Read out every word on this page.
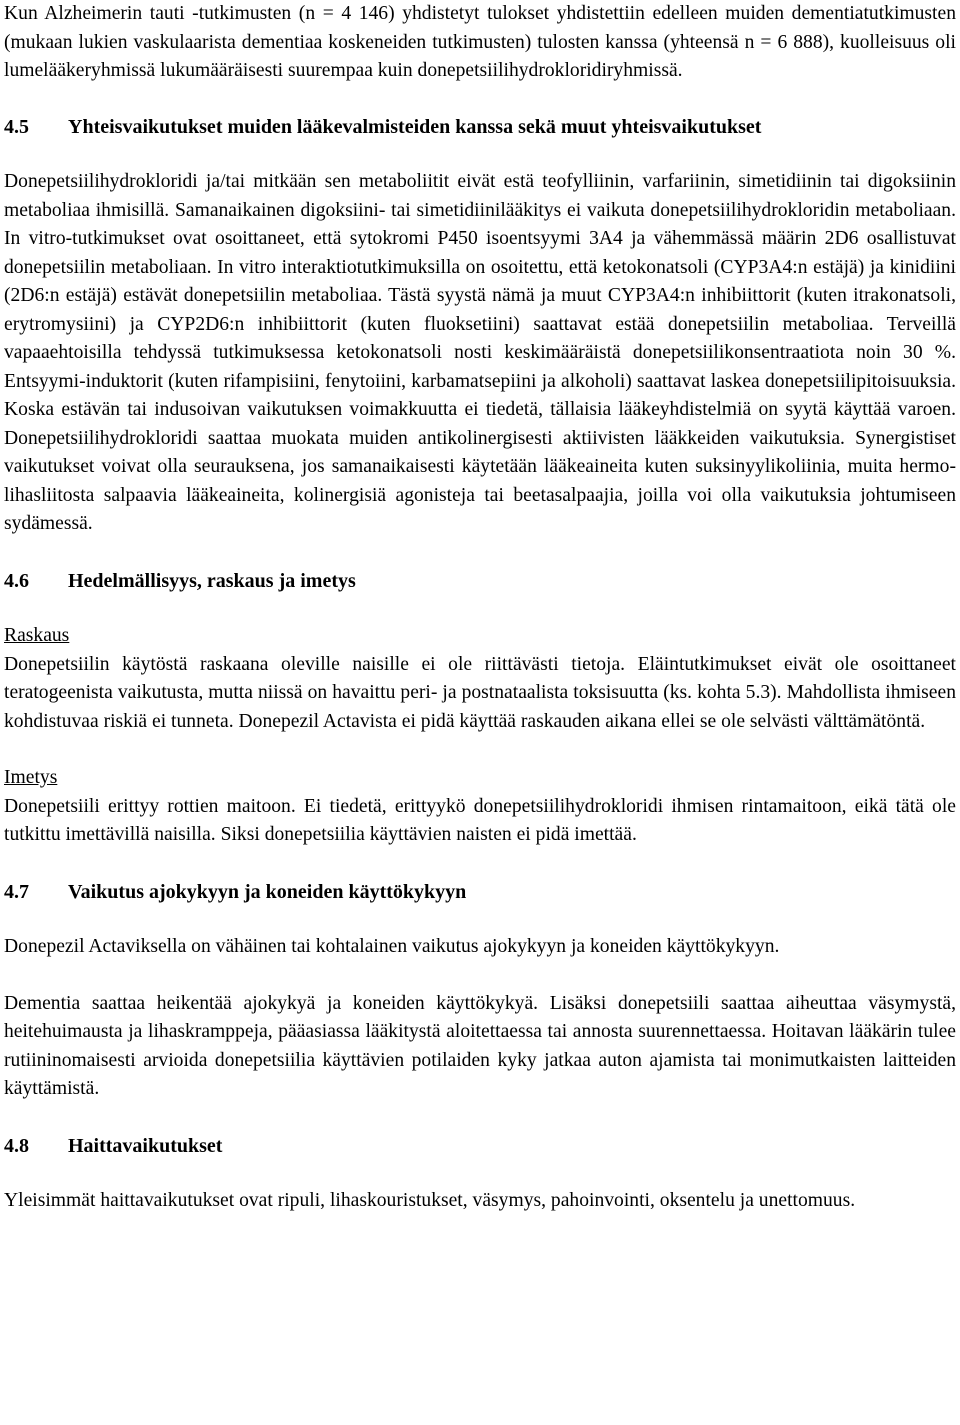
Kun Alzheimerin tauti -tutkimusten (n = 4 146) yhdistetyt tulokset yhdistettiin edelleen muiden dementiatutkimusten (mukaan lukien vaskulaarista dementiaa koskeneiden tutkimusten) tulosten kanssa (yhteensä n = 6 888), kuolleisuus oli lumelääkeryhmissä lukumääräisesti suurempaa kuin donepetsiilihydrokloridiryhmissä.

4.5	Yhteisvaikutukset muiden lääkevalmisteiden kanssa sekä muut yhteisvaikutukset

Donepetsiilihydrokloridi ja/tai mitkään sen metaboliitit eivät estä teofylliinin, varfariinin, simetidiinin tai digoksiinin metaboliaa ihmisillä. Samanaikainen digoksiini- tai simetidiinilääkitys ei vaikuta donepetsiilihydrokloridin metaboliaan. In vitro-tutkimukset ovat osoittaneet, että sytokromi P450 isoentsyymi 3A4 ja vähemmässä määrin 2D6 osallistuvat donepetsiilin metaboliaan. In vitro interaktiotutkimuksilla on osoitettu, että ketokonatsoli (CYP3A4:n estäjä) ja kinidiini (2D6:n estäjä) estävät donepetsiilin metaboliaa. Tästä syystä nämä ja muut CYP3A4:n inhibiittorit (kuten itrakonatsoli, erytromysiini) ja CYP2D6:n inhibiittorit (kuten fluoksetiini) saattavat estää donepetsiilin metaboliaa. Terveillä vapaaehtoisilla tehdyssä tutkimuksessa ketokonatsoli nosti keskimääräistä donepetsiilikonsentraatiota noin 30 %. Entsyymi-induktorit (kuten rifampisiini, fenytoiini, karbamatsepiini ja alkoholi) saattavat laskea donepetsiilipitoisuuksia. Koska estävän tai indusoivan vaikutuksen voimakkuutta ei tiedetä, tällaisia lääkeyhdistelmiä on syytä käyttää varoen. Donepetsiilihydrokloridi saattaa muokata muiden antikolinergisesti aktiivisten lääkkeiden vaikutuksia. Synergistiset vaikutukset voivat olla seurauksena, jos samanaikaisesti käytetään lääkeaineita kuten suksinyylikoliinia, muita hermo-lihasliitosta salpaavia lääkeaineita, kolinergisiä agonisteja tai beetasalpaajia, joilla voi olla vaikutuksia johtumiseen sydämessä.

4.6	Hedelmällisyys, raskaus ja imetys

Raskaus

Donepetsiilin käytöstä raskaana oleville naisille ei ole riittävästi tietoja. Eläintutkimukset eivät ole osoittaneet teratogeenista vaikutusta, mutta niissä on havaittu peri- ja postnataalista toksisuutta (ks. kohta 5.3). Mahdollista ihmiseen kohdistuvaa riskiä ei tunneta. Donepezil Actavista ei pidä käyttää raskauden aikana ellei se ole selvästi välttämätöntä.

Imetys

Donepetsiili erittyy rottien maitoon. Ei tiedetä, erittyykö donepetsiilihydrokloridi ihmisen rintamaitoon, eikä tätä ole tutkittu imettävillä naisilla. Siksi donepetsiilia käyttävien naisten ei pidä imettää.

4.7	Vaikutus ajokykyyn ja koneiden käyttökykyyn

Donepezil Actaviksella on vähäinen tai kohtalainen vaikutus ajokykyyn ja koneiden käyttökykyyn.

Dementia saattaa heikentää ajokykyä ja koneiden käyttökykyä. Lisäksi donepetsiili saattaa aiheuttaa väsymystä, heitehuimausta ja lihaskramppeja, pääasiassa lääkitystä aloitettaessa tai annosta suurennettaessa. Hoitavan lääkärin tulee rutiininomaisesti arvioida donepetsiilia käyttävien potilaiden kyky jatkaa auton ajamista tai monimutkaisten laitteiden käyttämistä.

4.8	Haittavaikutukset

Yleisimmät haittavaikutukset ovat ripuli, lihaskouristukset, väsymys, pahoinvointi, oksentelu ja unettomuus.
